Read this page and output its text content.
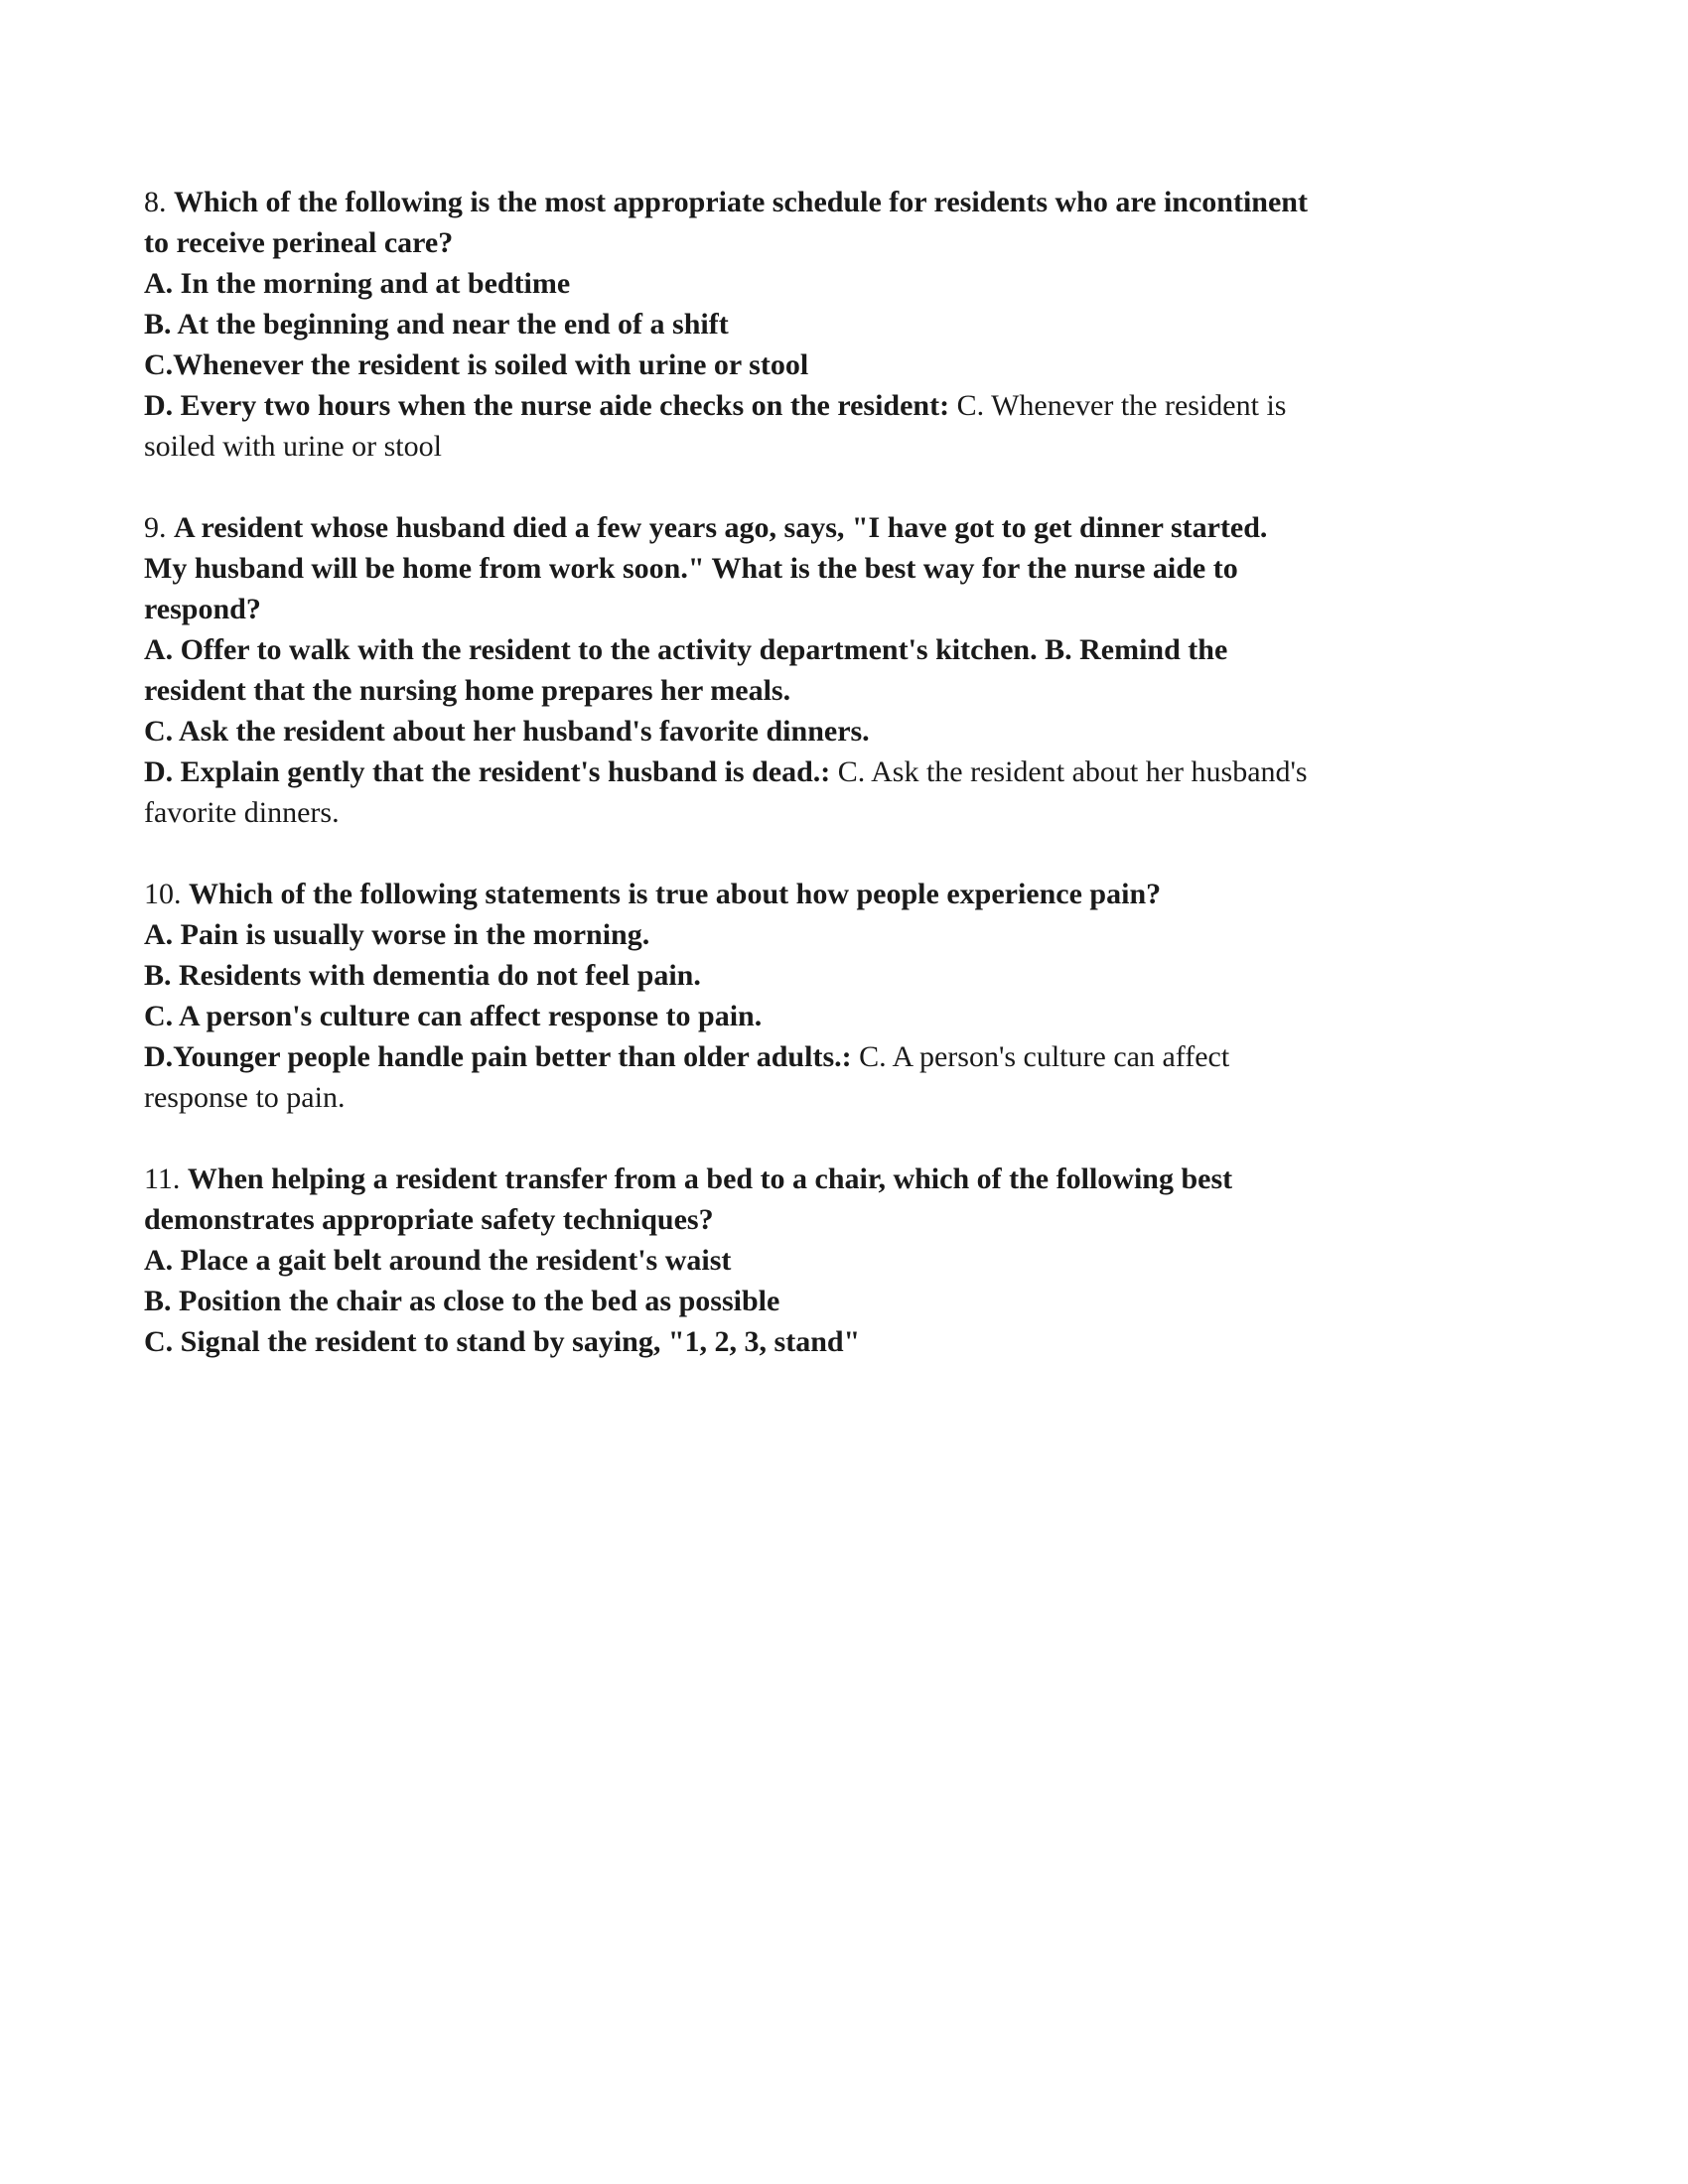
8. Which of the following is the most appropriate schedule for residents who are incontinent

to receive perineal care?

A. In the morning and at bedtime

B. At the beginning and near the end of a shift

C.Whenever the resident is soiled with urine or stool

D. Every two hours when the nurse aide checks on the resident: C. Whenever the resident is

soiled with urine or stool

9. A resident whose husband died a few years ago, says, "I have got to get dinner started.

My husband will be home from work soon." What is the best way for the nurse aide to

respond?

A. Offer to walk with the resident to the activity department's kitchen. B. Remind the

resident that the nursing home prepares her meals.

C. Ask the resident about her husband's favorite dinners.

D. Explain gently that the resident's husband is dead.: C. Ask the resident about her husband's

favorite dinners.

10. Which of the following statements is true about how people experience pain?

A. Pain is usually worse in the morning.

B. Residents with dementia do not feel pain.

C. A person's culture can affect response to pain.

D.Younger people handle pain better than older adults.: C. A person's culture can affect

response to pain.

11. When helping a resident transfer from a bed to a chair, which of the following best

demonstrates appropriate safety techniques?

A. Place a gait belt around the resident's waist

B. Position the chair as close to the bed as possible

C. Signal the resident to stand by saying, "1, 2, 3, stand"
